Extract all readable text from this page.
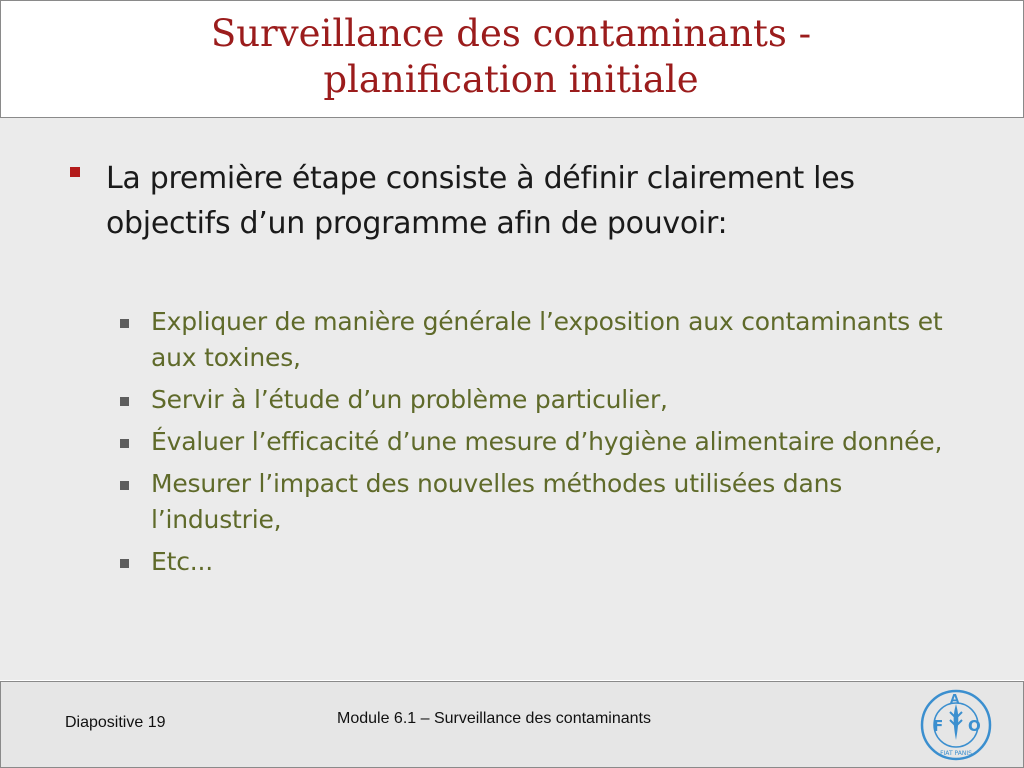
Surveillance des contaminants -
planification initiale
La première étape consiste à définir clairement les objectifs d’un programme afin de pouvoir:
Expliquer de manière générale l’exposition aux contaminants et aux toxines,
Servir à l’étude d’un problème particulier,
Évaluer l’efficacité d’une mesure d’hygiène alimentaire donnée,
Mesurer l’impact des nouvelles méthodes utilisées dans l’industrie,
Etc...
Diapositive 19	Module 6.1 – Surveillance des contaminants	F
A
O
FIAT PANIS
